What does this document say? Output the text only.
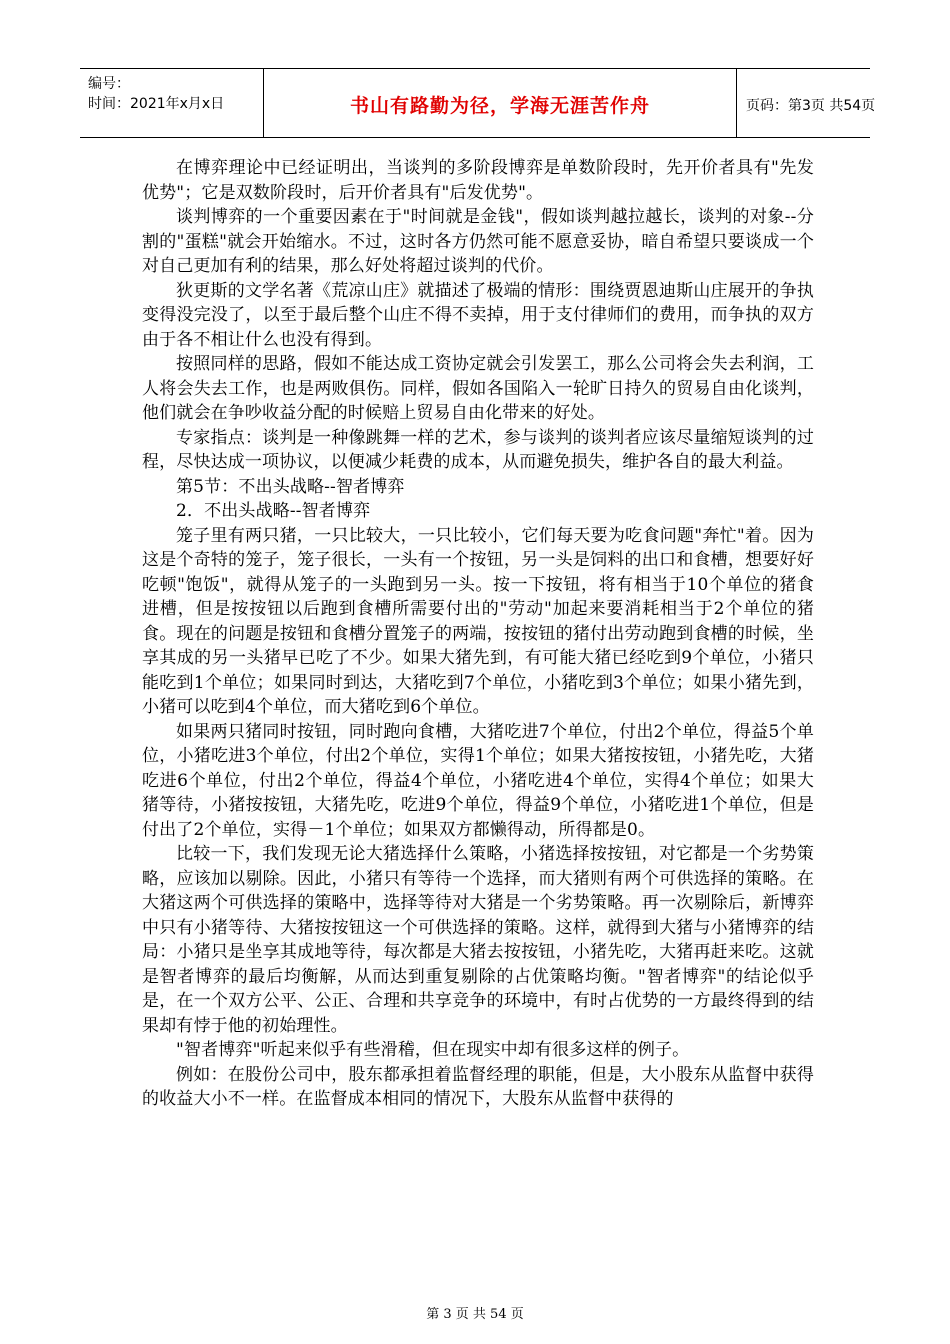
编号：
时间：2021年x月x日	书山有路勤为径，学海无涯苦作舟	页码：第3页 共54页

在博弈理论中已经证明出，当谈判的多阶段博弈是单数阶段时，先开价者具有"先发优势"；它是双数阶段时，后开价者具有"后发优势"。

谈判博弈的一个重要因素在于"时间就是金钱"，假如谈判越拉越长，谈判的对象--分割的"蛋糕"就会开始缩水。不过，这时各方仍然可能不愿意妥协，暗自希望只要谈成一个对自己更加有利的结果，那么好处将超过谈判的代价。

狄更斯的文学名著《荒凉山庄》就描述了极端的情形：围绕贾恩迪斯山庄展开的争执变得没完没了，以至于最后整个山庄不得不卖掉，用于支付律师们的费用，而争执的双方由于各不相让什么也没有得到。

按照同样的思路，假如不能达成工资协定就会引发罢工，那么公司将会失去利润，工人将会失去工作，也是两败俱伤。同样，假如各国陷入一轮旷日持久的贸易自由化谈判，他们就会在争吵收益分配的时候赔上贸易自由化带来的好处。

专家指点：谈判是一种像跳舞一样的艺术，参与谈判的谈判者应该尽量缩短谈判的过程，尽快达成一项协议，以便减少耗费的成本，从而避免损失，维护各自的最大利益。

第5节：不出头战略--智者博弈

2．不出头战略--智者博弈

笼子里有两只猪，一只比较大，一只比较小，它们每天要为吃食问题"奔忙"着。因为这是个奇特的笼子，笼子很长，一头有一个按钮，另一头是饲料的出口和食槽，想要好好吃顿"饱饭"，就得从笼子的一头跑到另一头。按一下按钮，将有相当于10个单位的猪食进槽，但是按按钮以后跑到食槽所需要付出的"劳动"加起来要消耗相当于2个单位的猪食。现在的问题是按钮和食槽分置笼子的两端，按按钮的猪付出劳动跑到食槽的时候，坐享其成的另一头猪早已吃了不少。如果大猪先到，有可能大猪已经吃到9个单位，小猪只能吃到1个单位；如果同时到达，大猪吃到7个单位，小猪吃到3个单位；如果小猪先到，小猪可以吃到4个单位，而大猪吃到6个单位。

如果两只猪同时按钮，同时跑向食槽，大猪吃进7个单位，付出2个单位，得益5个单位，小猪吃进3个单位，付出2个单位，实得1个单位；如果大猪按按钮，小猪先吃，大猪吃进6个单位，付出2个单位，得益4个单位，小猪吃进4个单位，实得4个单位；如果大猪等待，小猪按按钮，大猪先吃，吃进9个单位，得益9个单位，小猪吃进1个单位，但是付出了2个单位，实得－1个单位；如果双方都懒得动，所得都是0。

比较一下，我们发现无论大猪选择什么策略，小猪选择按按钮，对它都是一个劣势策略，应该加以剔除。因此，小猪只有等待一个选择，而大猪则有两个可供选择的策略。在大猪这两个可供选择的策略中，选择等待对大猪是一个劣势策略。再一次剔除后，新博弈中只有小猪等待、大猪按按钮这一个可供选择的策略。这样，就得到大猪与小猪博弈的结局：小猪只是坐享其成地等待，每次都是大猪去按按钮，小猪先吃，大猪再赶来吃。这就是智者博弈的最后均衡解，从而达到重复剔除的占优策略均衡。"智者博弈"的结论似乎是，在一个双方公平、公正、合理和共享竞争的环境中，有时占优势的一方最终得到的结果却有悖于他的初始理性。

"智者博弈"听起来似乎有些滑稽，但在现实中却有很多这样的例子。

例如：在股份公司中，股东都承担着监督经理的职能，但是，大小股东从监督中获得的收益大小不一样。在监督成本相同的情况下，大股东从监督中获得的

第 3 页 共 54 页
